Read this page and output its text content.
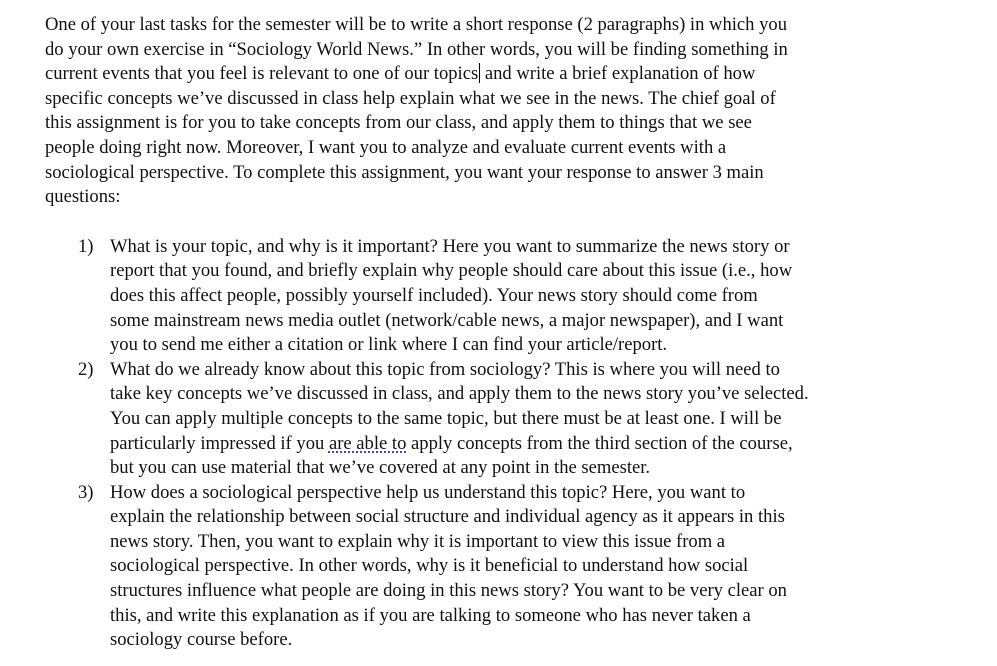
One of your last tasks for the semester will be to write a short response (2 paragraphs) in which you
do your own exercise in “Sociology World News.” In other words, you will be finding something in
current events that you feel is relevant to one of our topics and write a brief explanation of how
specific concepts we’ve discussed in class help explain what we see in the news. The chief goal of
this assignment is for you to take concepts from our class, and apply them to things that we see
people doing right now. Moreover, I want you to analyze and evaluate current events with a
sociological perspective. To complete this assignment, you want your response to answer 3 main
questions:

1) What is your topic, and why is it important? Here you want to summarize the news story or
report that you found, and briefly explain why people should care about this issue (i.e., how
does this affect people, possibly yourself included). Your news story should come from
some mainstream news media outlet (network/cable news, a major newspaper), and I want
you to send me either a citation or link where I can find your article/report.
2) What do we already know about this topic from sociology? This is where you will need to
take key concepts we’ve discussed in class, and apply them to the news story you’ve selected.
You can apply multiple concepts to the same topic, but there must be at least one. I will be
particularly impressed if you are able to apply concepts from the third section of the course,
but you can use material that we’ve covered at any point in the semester.
3) How does a sociological perspective help us understand this topic? Here, you want to
explain the relationship between social structure and individual agency as it appears in this
news story. Then, you want to explain why it is important to view this issue from a
sociological perspective. In other words, why is it beneficial to understand how social
structures influence what people are doing in this news story? You want to be very clear on
this, and write this explanation as if you are talking to someone who has never taken a
sociology course before.
